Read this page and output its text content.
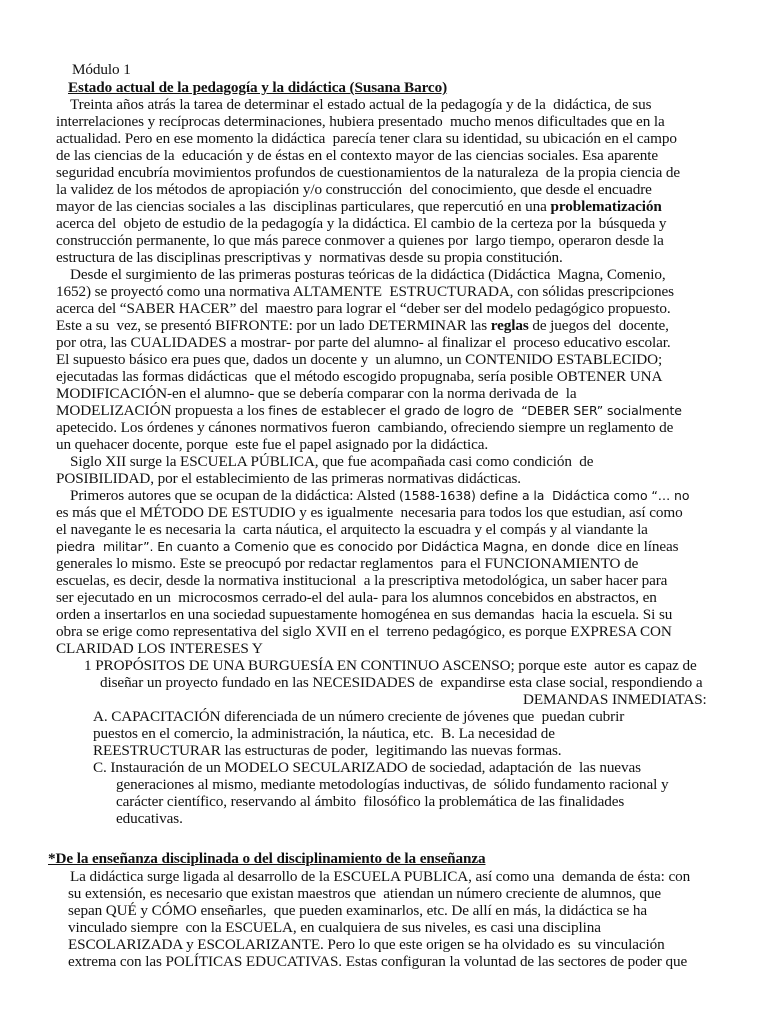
Módulo 1
Estado actual de la pedagogía y la didáctica (Susana Barco)
Treinta años atrás la tarea de determinar el estado actual de la pedagogía y de la  didáctica, de sus
interrelaciones y recíprocas determinaciones, hubiera presentado  mucho menos dificultades que en la
actualidad. Pero en ese momento la didáctica  parecía tener clara su identidad, su ubicación en el campo
de las ciencias de la  educación y de éstas en el contexto mayor de las ciencias sociales. Esa aparente
seguridad encubría movimientos profundos de cuestionamientos de la naturaleza  de la propia ciencia de
la validez de los métodos de apropiación y/o construcción  del conocimiento, que desde el encuadre
mayor de las ciencias sociales a las  disciplinas particulares, que repercutió en una problematización
acerca del  objeto de estudio de la pedagogía y la didáctica. El cambio de la certeza por la  búsqueda y
construcción permanente, lo que más parece conmover a quienes por  largo tiempo, operaron desde la
estructura de las disciplinas prescriptivas y  normativas desde su propia constitución.
Desde el surgimiento de las primeras posturas teóricas de la didáctica (Didáctica  Magna, Comenio,
1652) se proyectó como una normativa ALTAMENTE  ESTRUCTURADA, con sólidas prescripciones
acerca del “SABER HACER” del  maestro para lograr el “deber ser del modelo pedagógico propuesto.
Este a su  vez, se presentó BIFRONTE: por un lado DETERMINAR las reglas de juegos del  docente,
por otra, las CUALIDADES a mostrar- por parte del alumno- al finalizar el  proceso educativo escolar.
El supuesto básico era pues que, dados un docente y  un alumno, un CONTENIDO ESTABLECIDO;
ejecutadas las formas didácticas  que el método escogido propugnaba, sería posible OBTENER UNA
MODIFICACIÓN-en el alumno- que se debería comparar con la norma derivada de  la
MODELIZACIÓN propuesta a los fines de establecer el grado de logro de  “DEBER SER” socialmente
apetecido. Los órdenes y cánones normativos fueron  cambiando, ofreciendo siempre un reglamento de
un quehacer docente, porque  este fue el papel asignado por la didáctica.
Siglo XII surge la ESCUELA PÚBLICA, que fue acompañada casi como condición  de
POSIBILIDAD, por el establecimiento de las primeras normativas didácticas.
Primeros autores que se ocupan de la didáctica: Alsted (1588-1638) define a la  Didáctica como “… no
es más que el MÉTODO DE ESTUDIO y es igualmente  necesaria para todos los que estudian, así como
el navegante le es necesaria la  carta náutica, el arquitecto la escuadra y el compás y al viandante la
piedra  militar”. En cuanto a Comenio que es conocido por Didáctica Magna, en donde  dice en líneas
generales lo mismo. Este se preocupó por redactar reglamentos  para el FUNCIONAMIENTO de
escuelas, es decir, desde la normativa institucional  a la prescriptiva metodológica, un saber hacer para
ser ejecutado en un  microcosmos cerrado-el del aula- para los alumnos concebidos en abstractos, en
orden a insertarlos en una sociedad supuestamente homogénea en sus demandas  hacia la escuela. Si su
obra se erige como representativa del siglo XVII en el  terreno pedagógico, es porque EXPRESA CON
CLARIDAD LOS INTERESES Y
1 PROPÓSITOS DE UNA BURGUESÍA EN CONTINUO ASCENSO; porque este  autor es capaz de
diseñar un proyecto fundado en las NECESIDADES de  expandirse esta clase social, respondiendo a
DEMANDAS INMEDIATAS:
A. CAPACITACIÓN diferenciada de un número creciente de jóvenes que  puedan cubrir
puestos en el comercio, la administración, la náutica, etc.  B. La necesidad de
REESTRUCTURAR las estructuras de poder,  legitimando las nuevas formas.
C. Instauración de un MODELO SECULARIZADO de sociedad, adaptación de  las nuevas
generaciones al mismo, mediante metodologías inductivas, de  sólido fundamento racional y
carácter científico, reservando al ámbito  filosófico la problemática de las finalidades
educativas.
*De la enseñanza disciplinada o del disciplinamiento de la enseñanza
La didáctica surge ligada al desarrollo de la ESCUELA PUBLICA, así como una  demanda de ésta: con
su extensión, es necesario que existan maestros que  atiendan un número creciente de alumnos, que
sepan QUÉ y CÓMO enseñarles,  que pueden examinarlos, etc. De allí en más, la didáctica se ha
vinculado siempre  con la ESCUELA, en cualquiera de sus niveles, es casi una disciplina
ESCOLARIZADA y ESCOLARIZANTE. Pero lo que este origen se ha olvidado es  su vinculación
extrema con las POLÍTICAS EDUCATIVAS. Estas configuran la voluntad de las sectores de poder que
